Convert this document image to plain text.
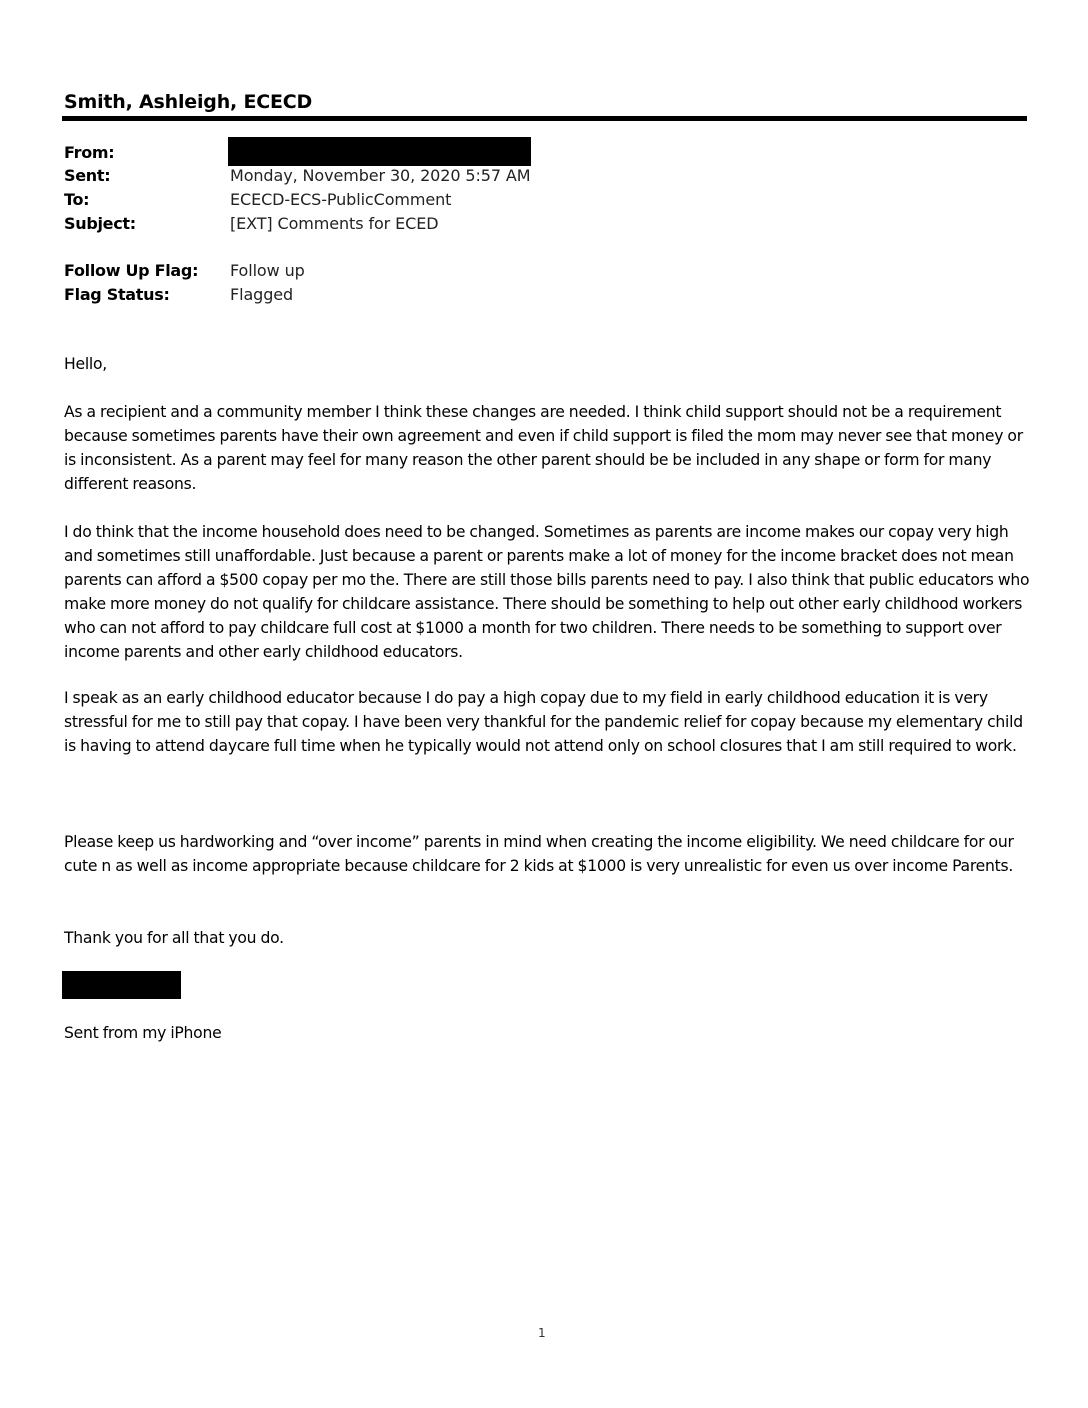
Smith, Ashleigh, ECECD
From:
Sent:	Monday, November 30, 2020 5:57 AM
To:	ECECD-ECS-PublicComment
Subject:	[EXT] Comments for ECED
Follow Up Flag: Follow up
Flag Status:	Flagged
Hello,

As a recipient and a community member I think these changes are needed. I think child support should not be a requirement because sometimes parents have their own agreement and even if child support is filed the mom may never see that money or is inconsistent. As a parent may feel for many reason the other parent should be be included in any shape or form for many different reasons.

I do think that the income household does need to be changed. Sometimes as parents are income makes our copay very high and sometimes still unaffordable. Just because a parent or parents make a lot of money for the income bracket does not mean parents can afford a $500 copay per mo the. There are still those bills parents need to pay. I also think that public educators who make more money do not qualify for childcare assistance. There should be something to help out other early childhood workers who can not afford to pay childcare full cost at $1000 a month for two children. There needs to be something to support over income parents and other early childhood educators.

I speak as an early childhood educator because I do pay a high copay due to my field in early childhood education it is very stressful for me to still pay that copay. I have been very thankful for the pandemic relief for copay because my elementary child is having to attend daycare full time when he typically would not attend only on school closures that I am still required to work.

Please keep us hardworking and “over income” parents in mind when creating the income eligibility. We need childcare for our cute n as well as income appropriate because childcare for 2 kids at $1000 is very unrealistic for even us over income Parents.

Thank you for all that you do.
Sent from my iPhone
1
